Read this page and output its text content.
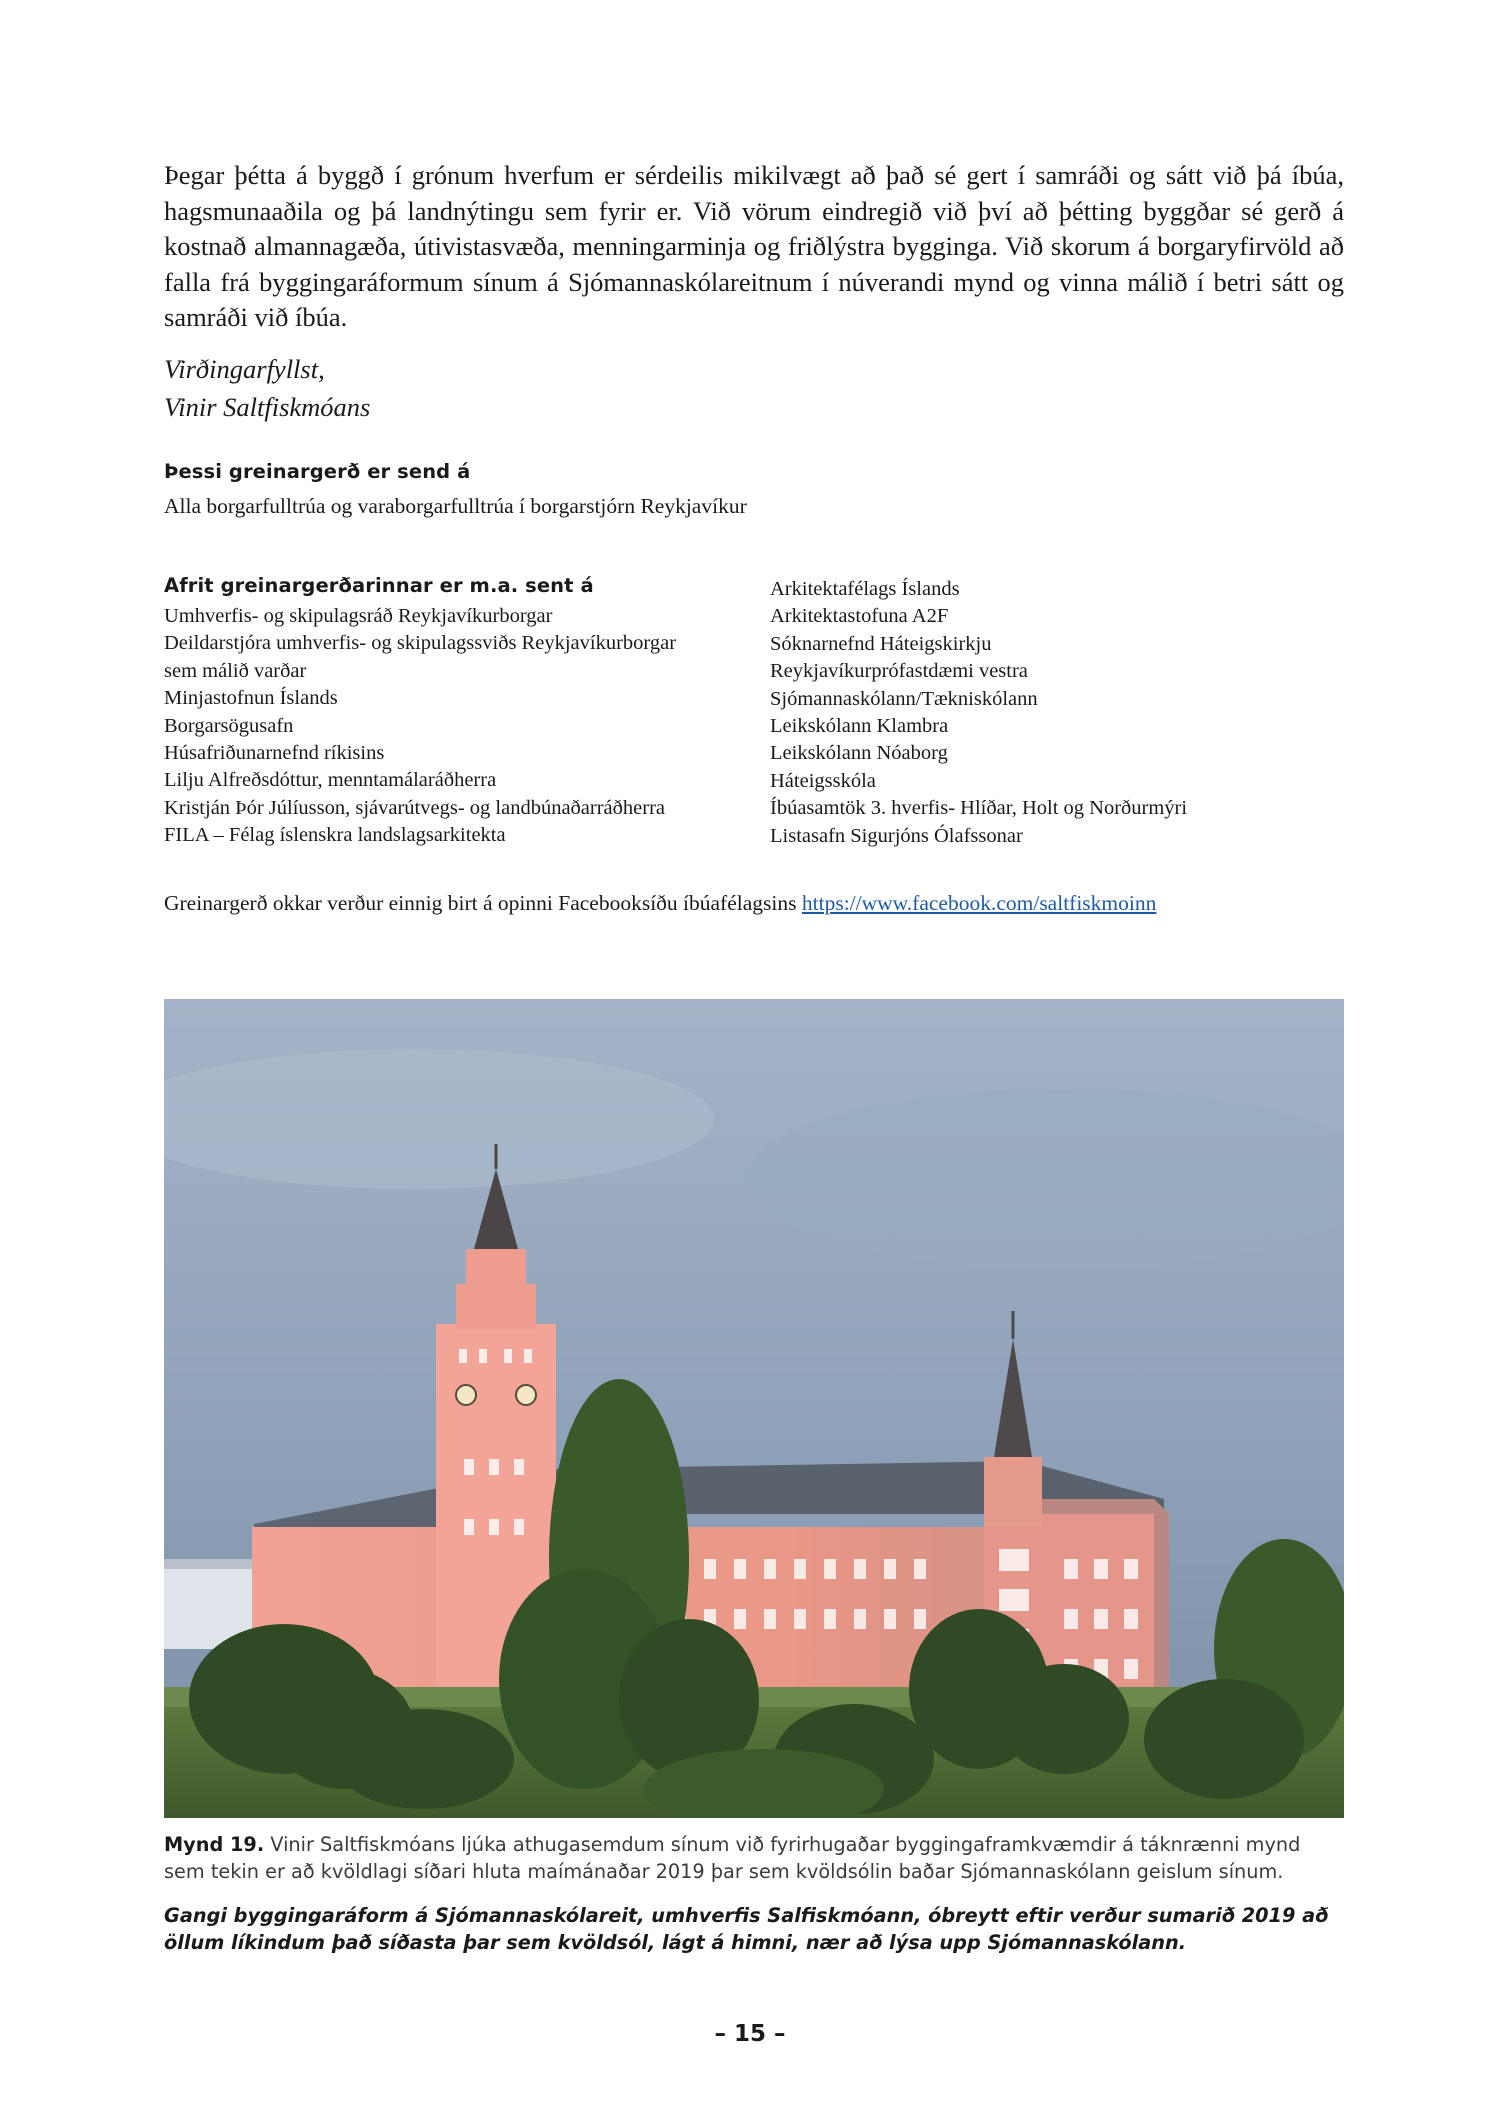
Þegar þétta á byggð í grónum hverfum er sérdeilis mikilvægt að það sé gert í samráði og sátt við þá íbúa, hagsmunaaðila og þá landnýtingu sem fyrir er. Við vörum eindregið við því að þétting byggðar sé gerð á kostnað almannagæða, útivistasvæða, menningarminja og friðlýstra bygginga. Við skorum á borgaryfirvöld að falla frá byggingaráformum sínum á Sjómannaskólareitnum í núverandi mynd og vinna málið í betri sátt og samráði við íbúa.

Virðingarfyllst,
Vinir Saltfiskmóans
Þessi greinargerð er send á
Alla borgarfulltrúa og varaborgarfulltrúa í borgarstjórn Reykjavíkur
Afrit greinargerðarinnar er m.a. sent á
Umhverfis- og skipulagsráð Reykjavíkurborgar
Deildarstjóra umhverfis- og skipulagssviðs Reykjavíkurborgar
sem málið varðar
Minjastofnun Íslands
Borgarsögusafn
Húsafriðunarnefnd ríkisins
Lilju Alfreðsdóttur, menntamálaráðherra
Kristján Þór Júlíusson, sjávarútvegs- og landbúnaðarráðherra
FILA – Félag íslenskra landslagsarkitekta
Arkitektafélags Íslands
Arkitektastofuna A2F
Sóknarnefnd Háteigskirkju
Reykjavíkurprófastdæmi vestra
Sjómannaskólann/Tækniskólann
Leikskólann Klambra
Leikskólann Nóaborg
Háteigsskóla
Íbúasamtök 3. hverfis- Hlíðar, Holt og Norðurmýri
Listasafn Sigurjóns Ólafssonar
Greinargerð okkar verður einnig birt á opinni Facebooksíðu íbúafélagsins https://www.facebook.com/saltfiskmoinn
Mynd 19. Vinir Saltfiskmóans ljúka athugasemdum sínum við fyrirhugaðar byggingaframkvæmdir á táknrænni mynd sem tekin er að kvöldlagi síðari hluta maímánaðar 2019 þar sem kvöldsólin baðar Sjómannaskólann geislum sínum.
Gangi byggingaráform á Sjómannaskólareit, umhverfis Salfiskmóann, óbreytt eftir verður sumarið 2019 að öllum líkindum það síðasta þar sem kvöldsól, lágt á himni, nær að lýsa upp Sjómannaskólann.
– 15 –
